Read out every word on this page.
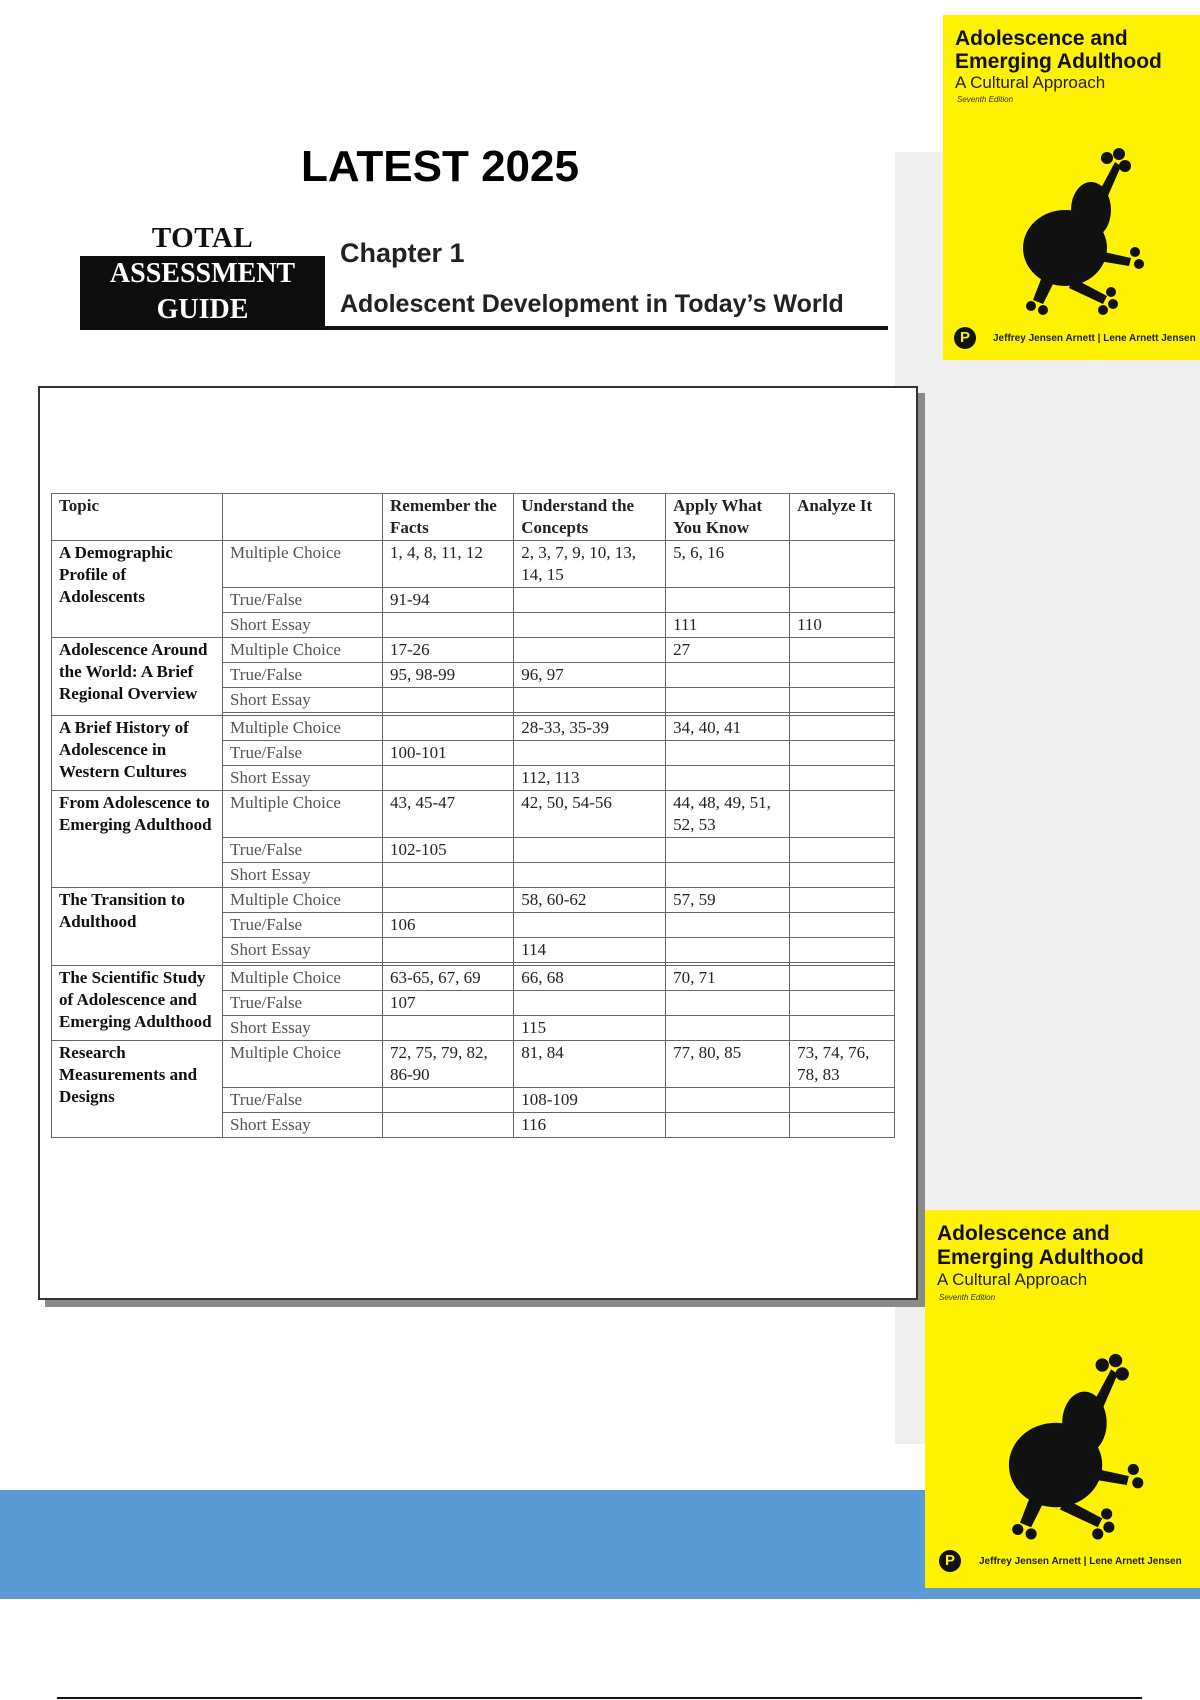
LATEST 2025
TOTAL
ASSESSMENT
GUIDE
Chapter 1
Adolescent Development in Today’s World
Topic		Remember the Facts	Understand the Concepts	Apply What You Know	Analyze It
A Demographic Profile of Adolescents	Multiple Choice	1, 4, 8, 11, 12	2, 3, 7, 9, 10, 13, 14, 15	5, 6, 16	
	True/False	91-94			
	Short Essay			111	110
Adolescence Around the World: A Brief Regional Overview	Multiple Choice	17-26		27	
	True/False	95, 98-99	96, 97		
	Short Essay				

A Brief History of Adolescence in Western Cultures	Multiple Choice		28-33, 35-39	34, 40, 41	
	True/False	100-101			
	Short Essay		112, 113		
From Adolescence to Emerging Adulthood	Multiple Choice	43, 45-47	42, 50, 54-56	44, 48, 49, 51, 52, 53	
	True/False	102-105			
	Short Essay				
The Transition to Adulthood	Multiple Choice		58, 60-62	57, 59	
	True/False	106			
	Short Essay		114		

The Scientific Study of Adolescence and Emerging Adulthood	Multiple Choice	63-65, 67, 69	66, 68	70, 71	
	True/False	107			
	Short Essay		115		
Research Measurements and Designs	Multiple Choice	72, 75, 79, 82, 86-90	81, 84	77, 80, 85	73, 74, 76, 78, 83
	True/False		108-109		
	Short Essay		116		
Adolescence and
Emerging Adulthood
A Cultural Approach
Seventh Edition
P	Jeffrey Jensen Arnett | Lene Arnett Jensen
Adolescence and
Emerging Adulthood
A Cultural Approach
Seventh Edition
P	Jeffrey Jensen Arnett | Lene Arnett Jensen
